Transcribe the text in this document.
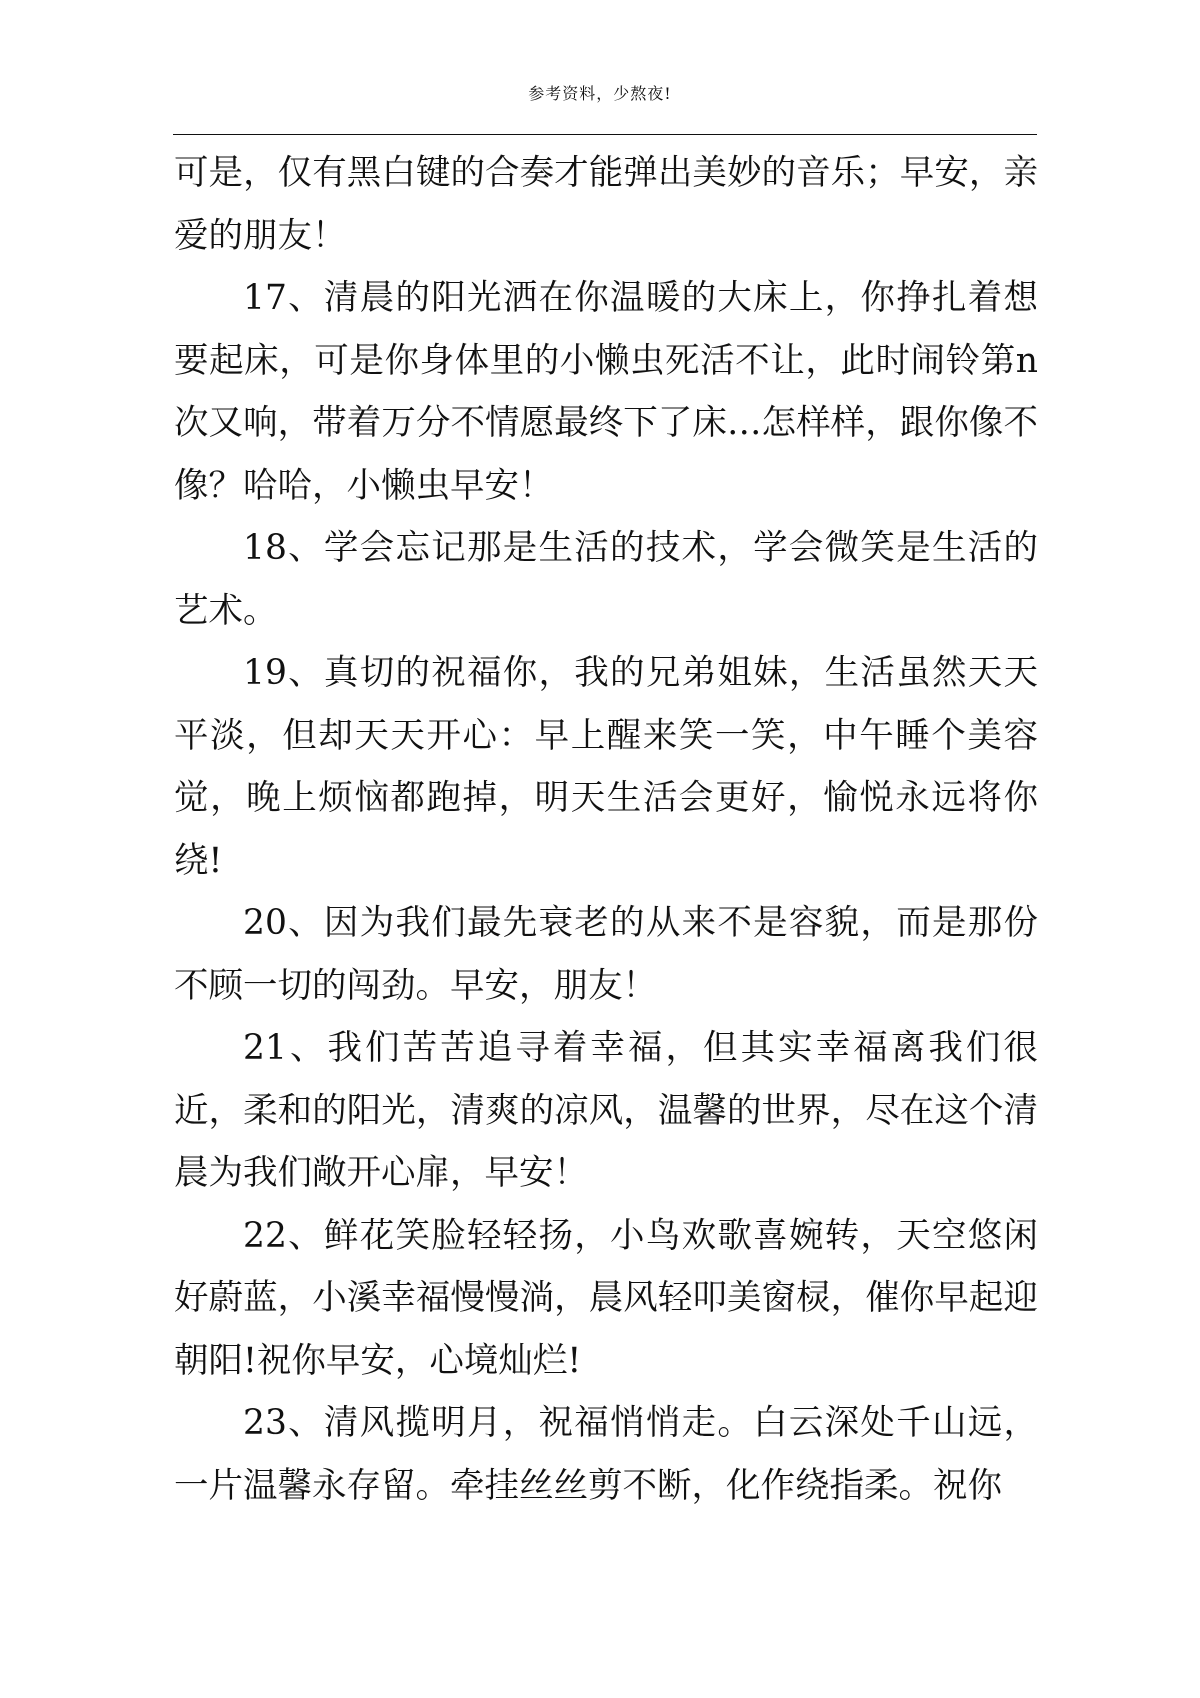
参考资料，少熬夜!

可是，仅有黑白键的合奏才能弹出美妙的音乐；早安，亲爱的朋友！

17、清晨的阳光洒在你温暖的大床上，你挣扎着想要起床，可是你身体里的小懒虫死活不让，此时闹铃第n次又响，带着万分不情愿最终下了床…怎样样，跟你像不像？哈哈，小懒虫早安！

18、学会忘记那是生活的技术，学会微笑是生活的艺术。

19、真切的祝福你，我的兄弟姐妹，生活虽然天天平淡，但却天天开心：早上醒来笑一笑，中午睡个美容觉，晚上烦恼都跑掉，明天生活会更好，愉悦永远将你绕!

20、因为我们最先衰老的从来不是容貌，而是那份不顾一切的闯劲。早安，朋友！

21、我们苦苦追寻着幸福，但其实幸福离我们很近，柔和的阳光，清爽的凉风，温馨的世界，尽在这个清晨为我们敞开心扉，早安！

22、鲜花笑脸轻轻扬，小鸟欢歌喜婉转，天空悠闲好蔚蓝，小溪幸福慢慢淌，晨风轻叩美窗棂，催你早起迎朝阳!祝你早安，心境灿烂!

23、清风揽明月，祝福悄悄走。白云深处千山远，一片温馨永存留。牵挂丝丝剪不断，化作绕指柔。祝你
